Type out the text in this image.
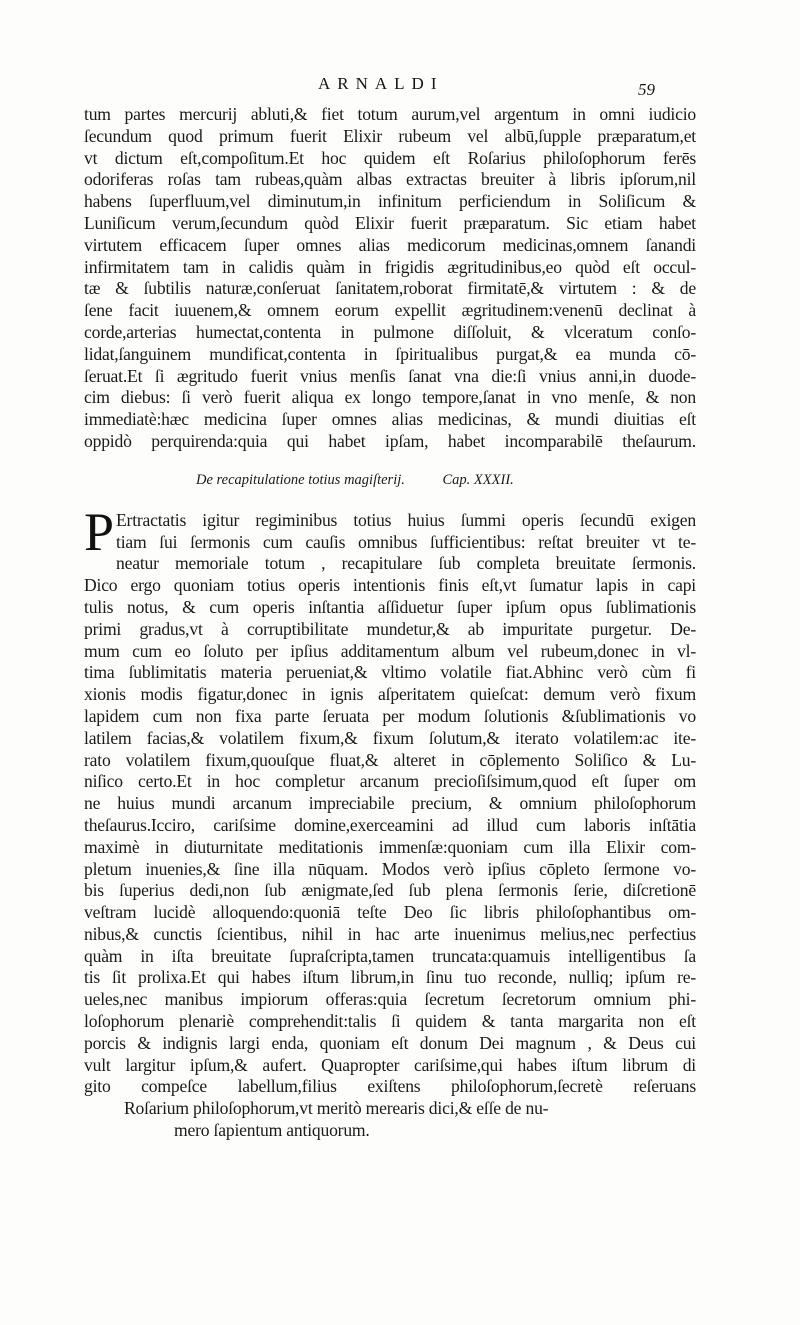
ARNALDI	59
tum partes mercurij abluti,& fiet totum aurum,vel argentum in omni iudicio
ſecundum quod primum fuerit Elixir rubeum vel albū,ſupple præparatum,et
vt dictum eſt,compoſitum.Et hoc quidem eſt Roſarius philoſophorum ferēs
odoriferas roſas tam rubeas,quàm albas extractas breuiter à libris ipſorum,nil
habens ſuperfluum,vel diminutum,in infinitum perficiendum in Soliſicum &
Luniſicum verum,ſecundum quòd Elixir fuerit præparatum. Sic etiam habet
virtutem efficacem ſuper omnes alias medicorum medicinas,omnem ſanandi
infirmitatem tam in calidis quàm in frigidis ægritudinibus,eo quòd eſt occul-
tæ & ſubtilis naturæ,conſeruat ſanitatem,roborat firmitatē,& virtutem : & de
ſene facit iuuenem,& omnem eorum expellit ægritudinem:venenū declinat à
corde,arterias humectat,contenta in pulmone diſſoluit, & vlceratum conſo-
lidat,ſanguinem mundificat,contenta in ſpiritualibus purgat,& ea munda cō-
ſeruat.Et ſi ægritudo fuerit vnius menſis ſanat vna die:ſi vnius anni,in duode-
cim diebus: ſi verò fuerit aliqua ex longo tempore,ſanat in vno menſe, & non
immediatè:hæc medicina ſuper omnes alias medicinas, & mundi diuitias eſt
oppidò perquirenda:quia qui habet ipſam, habet incomparabilē theſaurum.
De recapitulatione totius magiſterij.	Cap. XXXII.
P Ertractatis igitur regiminibus totius huius ſummi operis ſecundū exigen
tiam ſui ſermonis cum cauſis omnibus ſufficientibus: reſtat breuiter vt te-
neatur memoriale totum , recapitulare ſub completa breuitate ſermonis.
Dico ergo quoniam totius operis intentionis finis eſt,vt ſumatur lapis in capi
tulis notus, & cum operis inſtantia aſſiduetur ſuper ipſum opus ſublimationis
primi gradus,vt à corruptibilitate mundetur,& ab impuritate purgetur. De-
mum cum eo ſoluto per ipſius additamentum album vel rubeum,donec in vl-
tima ſublimitatis materia perueniat,& vltimo volatile fiat.Abhinc verò cùm fi
xionis modis figatur,donec in ignis aſperitatem quieſcat: demum verò fixum
lapidem cum non fixa parte ſeruata per modum ſolutionis &ſublimationis vo
latilem facias,& volatilem fixum,& fixum ſolutum,& iterato volatilem:ac ite-
rato volatilem fixum,quouſque fluat,& alteret in cōplemento Soliſico & Lu-
niſico certo.Et in hoc completur arcanum precioſiſsimum,quod eſt ſuper om
ne huius mundi arcanum impreciabile precium, & omnium philoſophorum
theſaurus.Icciro, cariſsime domine,exerceamini ad illud cum laboris inſtātia
maximè in diuturnitate meditationis immenſæ:quoniam cum illa Elixir com-
pletum inuenies,& ſine illa nūquam. Modos verò ipſius cōpleto ſermone vo-
bis ſuperius dedi,non ſub ænigmate,ſed ſub plena ſermonis ſerie, diſcretionē
veſtram lucidè alloquendo:quoniā teſte Deo ſic libris philoſophantibus om-
nibus,& cunctis ſcientibus, nihil in hac arte inuenimus melius,nec perfectius
quàm in iſta breuitate ſupraſcripta,tamen truncata:quamuis intelligentibus ſa
tis ſit prolixa.Et qui habes iſtum librum,in ſinu tuo reconde, nulliq; ipſum re-
ueles,nec manibus impiorum offeras:quia ſecretum ſecretorum omnium phi-
loſophorum plenariè comprehendit:talis ſi quidem & tanta margarita non eſt
porcis & indignis largi enda, quoniam eſt donum Dei magnum , & Deus cui
vult largitur ipſum,& aufert. Quapropter cariſsime,qui habes iſtum librum di
gito compeſce labellum,filius exiſtens philoſophorum,ſecretè reſeruans
Roſarium philoſophorum,vt meritò merearis dici,& eſſe de nu-
mero ſapientum antiquorum.
